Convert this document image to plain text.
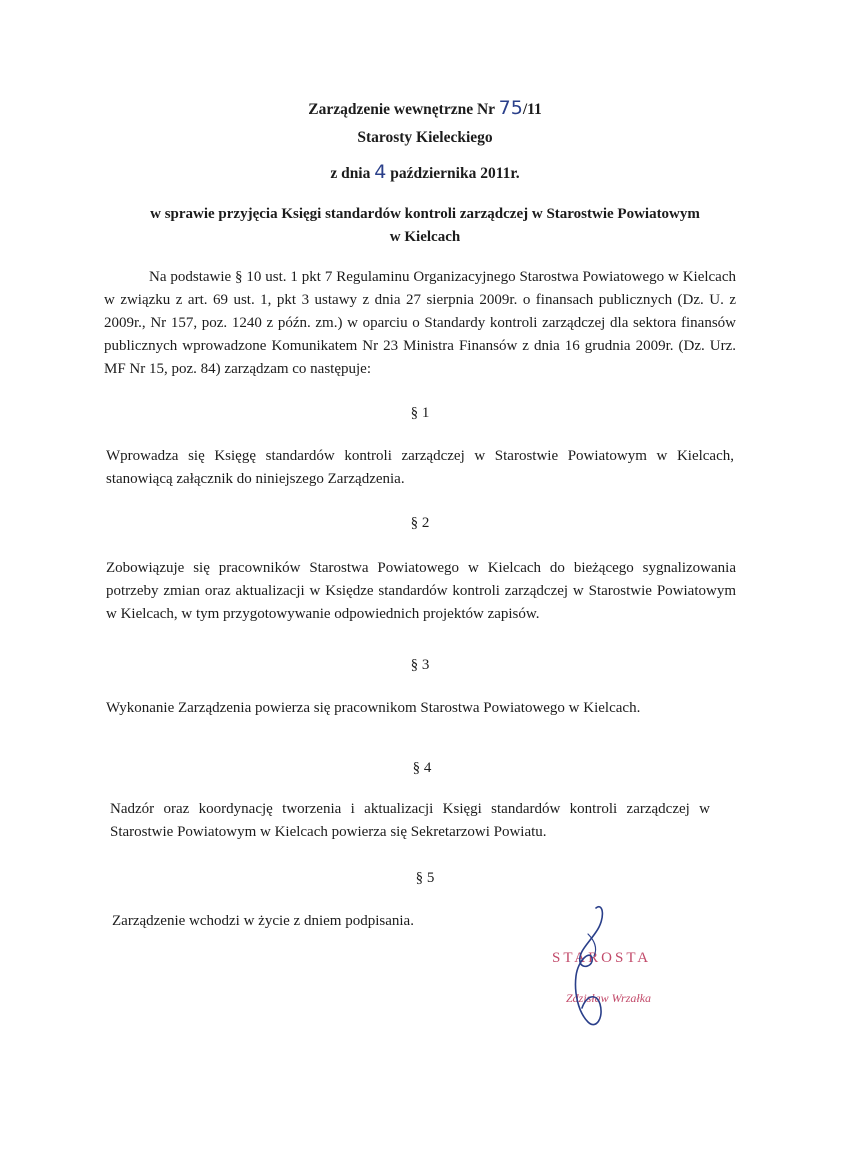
Zarządzenie wewnętrzne Nr 75/11
Starosty Kieleckiego
z dnia 4 października 2011r.
w sprawie przyjęcia Księgi standardów kontroli zarządczej w Starostwie Powiatowym
w Kielcach
Na podstawie § 10 ust. 1 pkt 7 Regulaminu Organizacyjnego Starostwa Powiatowego w Kielcach w związku z art. 69 ust. 1, pkt 3 ustawy z dnia 27 sierpnia 2009r. o finansach publicznych (Dz. U. z 2009r., Nr 157, poz. 1240 z późn. zm.) w oparciu o Standardy kontroli zarządczej dla sektora finansów publicznych wprowadzone Komunikatem Nr 23 Ministra Finansów z dnia 16 grudnia 2009r. (Dz. Urz. MF Nr 15, poz. 84) zarządzam co następuje:
§ 1
Wprowadza się Księgę standardów kontroli zarządczej w Starostwie Powiatowym w Kielcach, stanowiącą załącznik do niniejszego Zarządzenia.
§ 2
Zobowiązuje się pracowników Starostwa Powiatowego w Kielcach do bieżącego sygnalizowania potrzeby zmian oraz aktualizacji w Księdze standardów kontroli zarządczej w Starostwie Powiatowym w Kielcach, w tym przygotowywanie odpowiednich projektów zapisów.
§ 3
Wykonanie Zarządzenia powierza się pracownikom Starostwa Powiatowego w Kielcach.
§ 4
Nadzór oraz koordynację tworzenia i aktualizacji Księgi standardów kontroli zarządczej w Starostwie Powiatowym w Kielcach powierza się Sekretarzowi Powiatu.
§ 5
Zarządzenie wchodzi w życie z dniem podpisania.
STAROSTA
Zdzisław Wrzałka
